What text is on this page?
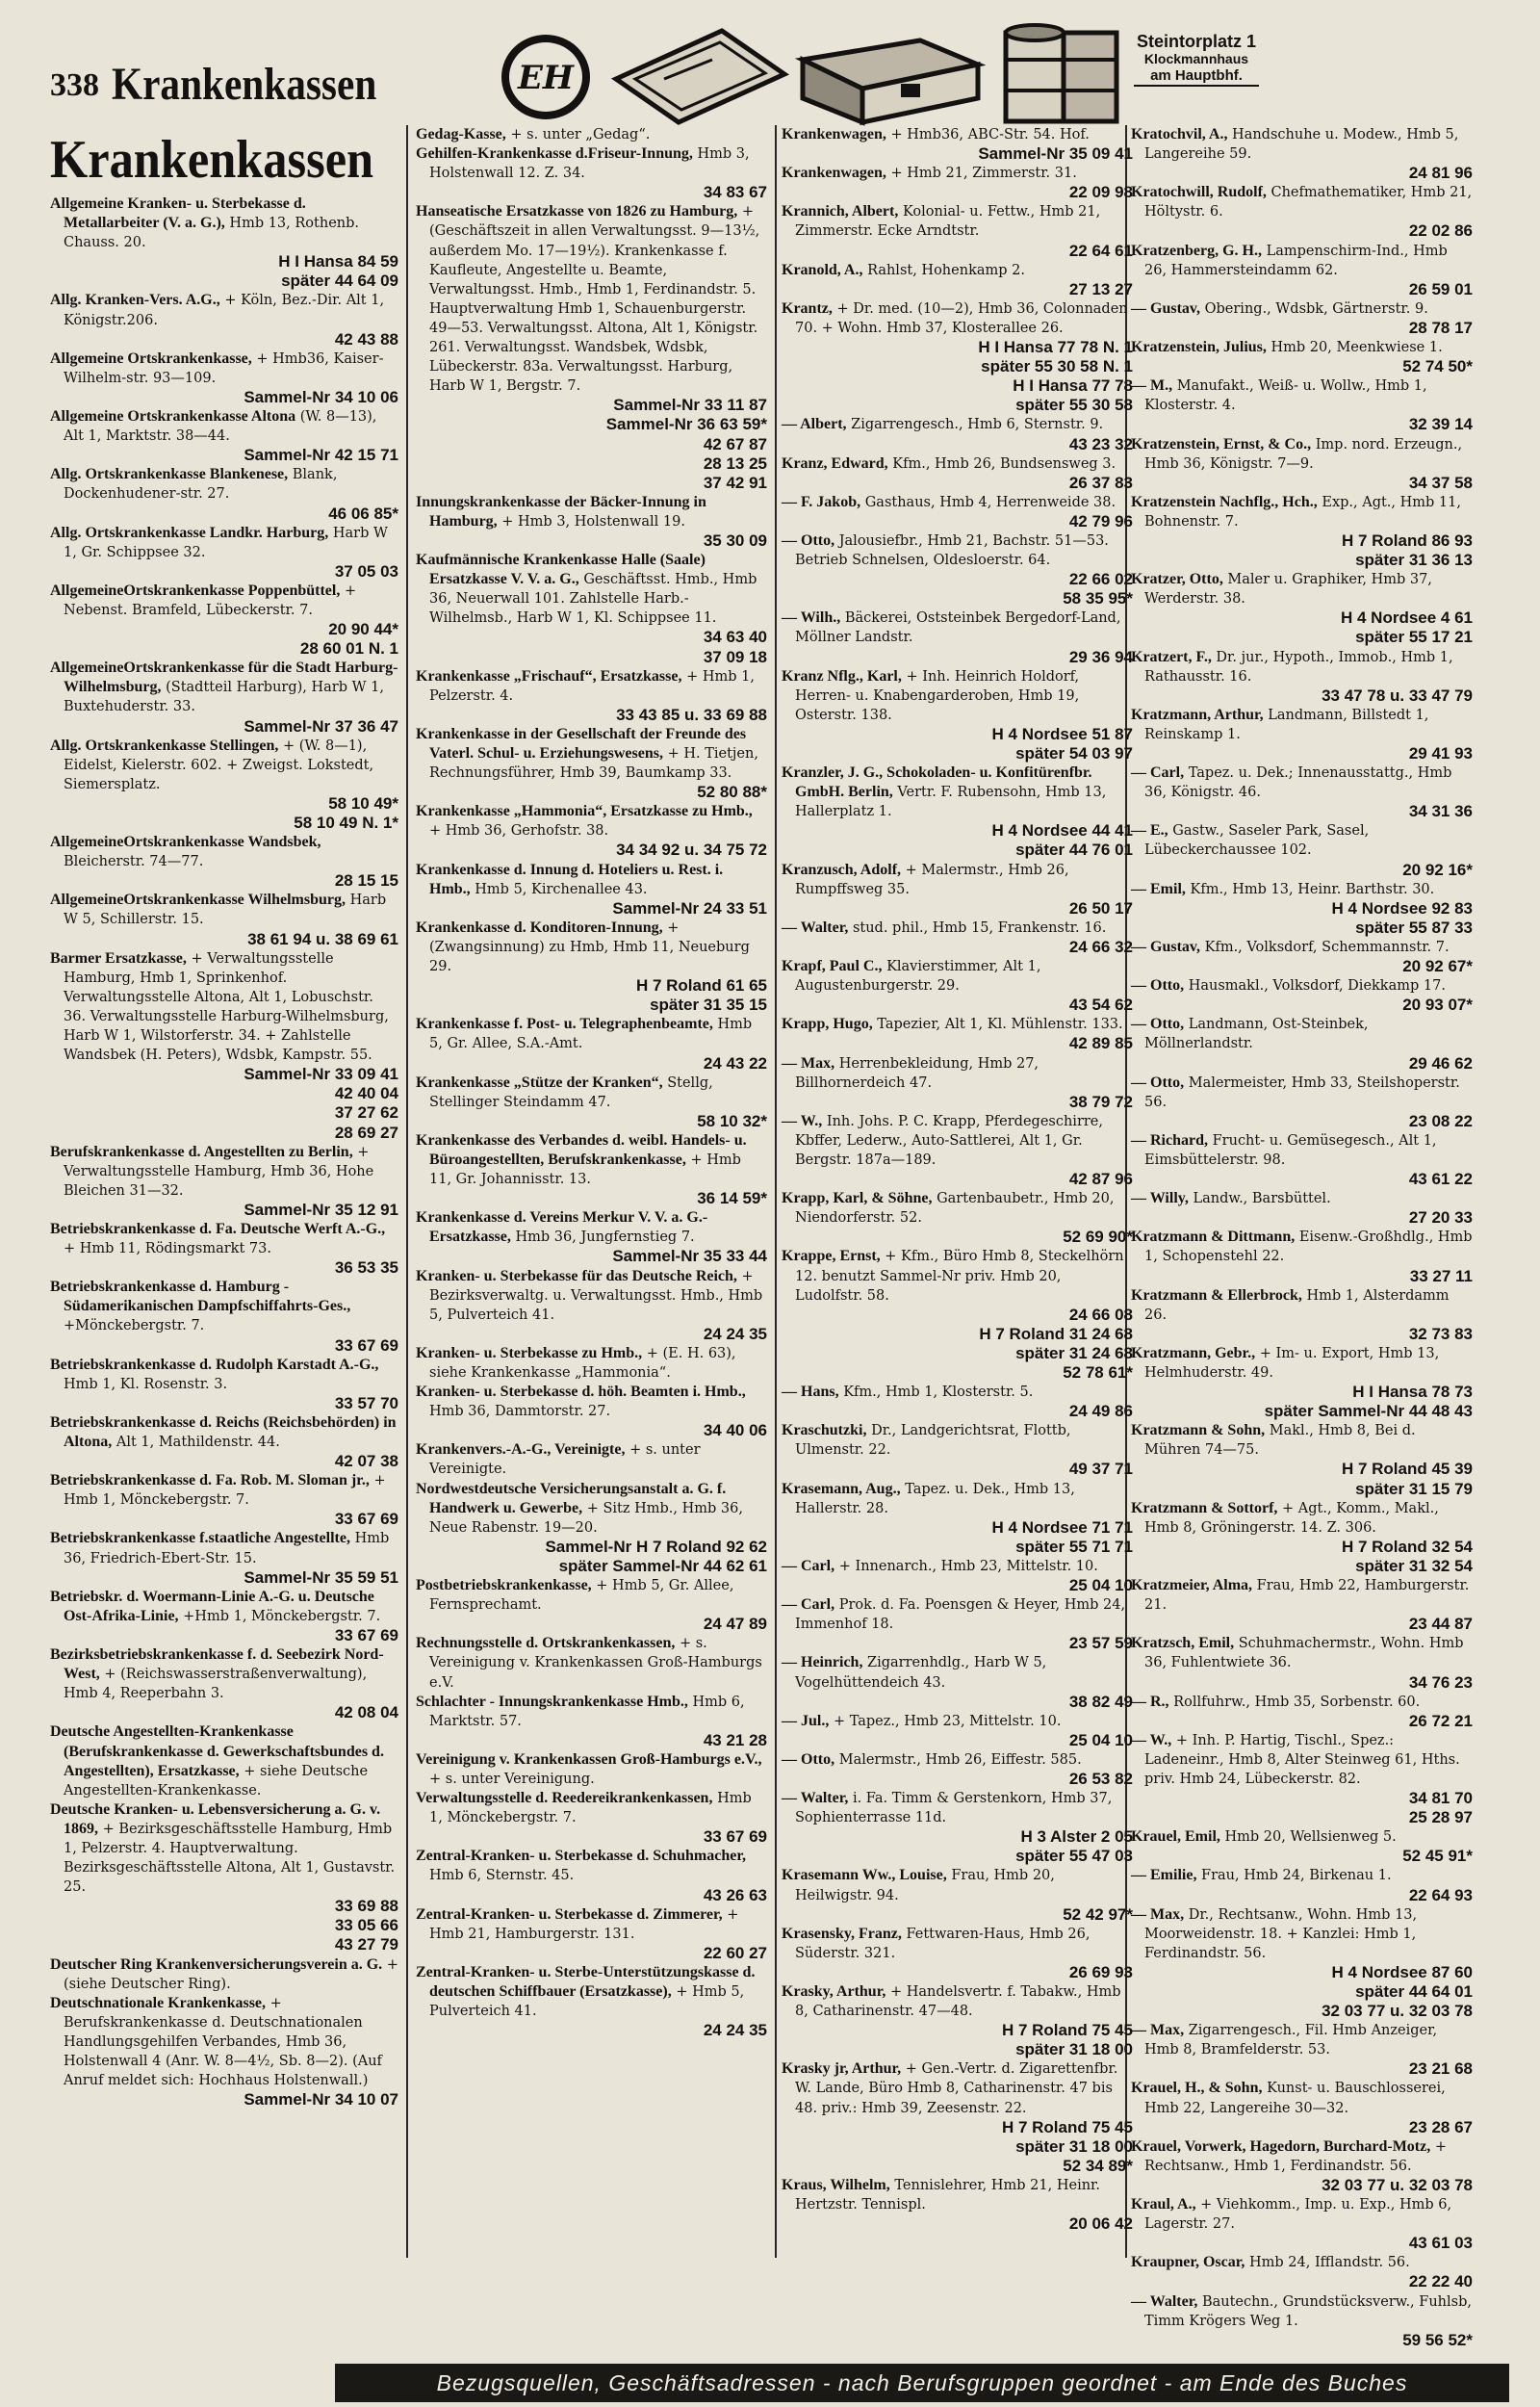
338 Krankenkassen	EH
Steintorplatz 1
Klockmannhaus
am Hauptbhf.
Krankenkassen

Allgemeine Kranken- u. Sterbekasse d. Metallarbeiter (V. a. G.), Hmb 13, Rothenb. Chauss. 20.
H I Hansa 84 59
später 44 64 09

Allg. Kranken-Vers. A.G., + Köln, Bez.-Dir. Alt 1, Königstr.206.
42 43 88

Allgemeine Ortskrankenkasse, + Hmb36, Kaiser-Wilhelm-str. 93—109.
Sammel-Nr 34 10 06

Allgemeine Ortskrankenkasse Altona (W. 8—13), Alt 1, Marktstr. 38—44.
Sammel-Nr 42 15 71

Allg. Ortskrankenkasse Blankenese, Blank, Dockenhudener-str. 27.
46 06 85*

Allg. Ortskrankenkasse Landkr. Harburg, Harb W 1, Gr. Schippsee 32.
37 05 03

AllgemeineOrtskrankenkasse Poppenbüttel, + Nebenst. Bramfeld, Lübeckerstr. 7.
20 90 44*
28 60 01 N. 1

AllgemeineOrtskrankenkasse für die Stadt Harburg-Wilhelmsburg, (Stadtteil Harburg), Harb W 1, Buxtehuderstr. 33.
Sammel-Nr 37 36 47

Allg. Ortskrankenkasse Stellingen, + (W. 8—1), Eidelst, Kielerstr. 602. + Zweigst. Lokstedt, Siemersplatz.
58 10 49*
58 10 49 N. 1*

AllgemeineOrtskrankenkasse Wandsbek, Bleicherstr. 74—77.
28 15 15

AllgemeineOrtskrankenkasse Wilhelmsburg, Harb W 5, Schillerstr. 15.
38 61 94 u. 38 69 61

Barmer Ersatzkasse, + Verwaltungsstelle Hamburg, Hmb 1, Sprinkenhof. Verwaltungsstelle Altona, Alt 1, Lobuschstr. 36. Verwaltungsstelle Harburg-Wilhelmsburg, Harb W 1, Wilstorferstr. 34. + Zahlstelle Wandsbek (H. Peters), Wdsbk, Kampstr. 55.
Sammel-Nr 33 09 41
42 40 04
37 27 62
28 69 27

Berufskrankenkasse d. Angestellten zu Berlin, + Verwaltungsstelle Hamburg, Hmb 36, Hohe Bleichen 31—32.
Sammel-Nr 35 12 91

Betriebskrankenkasse d. Fa. Deutsche Werft A.-G., + Hmb 11, Rödingsmarkt 73.
36 53 35

Betriebskrankenkasse d. Hamburg - Südamerikanischen Dampfschiffahrts-Ges., +Mönckebergstr. 7.
33 67 69

Betriebskrankenkasse d. Rudolph Karstadt A.-G., Hmb 1, Kl. Rosenstr. 3.
33 57 70

Betriebskrankenkasse d. Reichs (Reichsbehörden) in Altona, Alt 1, Mathildenstr. 44.
42 07 38

Betriebskrankenkasse d. Fa. Rob. M. Sloman jr., + Hmb 1, Mönckebergstr. 7.
33 67 69

Betriebskrankenkasse f.staatliche Angestellte, Hmb 36, Friedrich-Ebert-Str. 15.
Sammel-Nr 35 59 51

Betriebskr. d. Woermann-Linie A.-G. u. Deutsche Ost-Afrika-Linie, +Hmb 1, Mönckebergstr. 7.
33 67 69

Bezirksbetriebskrankenkasse f. d. Seebezirk Nord-West, + (Reichswasserstraßenverwaltung), Hmb 4, Reeperbahn 3.
42 08 04

Deutsche Angestellten-Krankenkasse (Berufskrankenkasse d. Gewerkschaftsbundes d. Angestellten), Ersatzkasse, + siehe Deutsche Angestellten-Krankenkasse.

Deutsche Kranken- u. Lebensversicherung a. G. v. 1869, + Bezirksgeschäftsstelle Hamburg, Hmb 1, Pelzerstr. 4. Hauptverwaltung. Bezirksgeschäftsstelle Altona, Alt 1, Gustavstr. 25.
33 69 88
33 05 66
43 27 79

Deutscher Ring Krankenversicherungsverein a. G. + (siehe Deutscher Ring).

Deutschnationale Krankenkasse, + Berufskrankenkasse d. Deutschnationalen Handlungsgehilfen Verbandes, Hmb 36, Holstenwall 4 (Anr. W. 8—4½, Sb. 8—2). (Auf Anruf meldet sich: Hochhaus Holstenwall.)
Sammel-Nr 34 10 07

Gedag-Kasse, + s. unter „Gedag“.

Gehilfen-Krankenkasse d.Friseur-Innung, Hmb 3, Holstenwall 12. Z. 34.
34 83 67

Hanseatische Ersatzkasse von 1826 zu Hamburg, + (Geschäftszeit in allen Verwaltungsst. 9—13½, außerdem Mo. 17—19½). Krankenkasse f. Kaufleute, Angestellte u. Beamte, Verwaltungsst. Hmb., Hmb 1, Ferdinandstr. 5. Hauptverwaltung Hmb 1, Schauenburgerstr. 49—53. Verwaltungsst. Altona, Alt 1, Königstr. 261. Verwaltungsst. Wandsbek, Wdsbk, Lübeckerstr. 83a. Verwaltungsst. Harburg, Harb W 1, Bergstr. 7.
Sammel-Nr 33 11 87
Sammel-Nr 36 63 59*
42 67 87
28 13 25
37 42 91

Innungskrankenkasse der Bäcker-Innung in Hamburg, + Hmb 3, Holstenwall 19.
35 30 09

Kaufmännische Krankenkasse Halle (Saale) Ersatzkasse V. V. a. G., Geschäftsst. Hmb., Hmb 36, Neuerwall 101. Zahlstelle Harb.-Wilhelmsb., Harb W 1, Kl. Schippsee 11.
34 63 40
37 09 18

Krankenkasse „Frischauf“, Ersatzkasse, + Hmb 1, Pelzerstr. 4.
33 43 85 u. 33 69 88

Krankenkasse in der Gesellschaft der Freunde des Vaterl. Schul- u. Erziehungswesens, + H. Tietjen, Rechnungsführer, Hmb 39, Baumkamp 33.
52 80 88*

Krankenkasse „Hammonia“, Ersatzkasse zu Hmb., + Hmb 36, Gerhofstr. 38.
34 34 92 u. 34 75 72

Krankenkasse d. Innung d. Hoteliers u. Rest. i. Hmb., Hmb 5, Kirchenallee 43.
Sammel-Nr 24 33 51

Krankenkasse d. Konditoren-Innung, + (Zwangsinnung) zu Hmb, Hmb 11, Neueburg 29.
H 7 Roland 61 65
später 31 35 15

Krankenkasse f. Post- u. Telegraphenbeamte, Hmb 5, Gr. Allee, S.A.-Amt.
24 43 22

Krankenkasse „Stütze der Kranken“, Stellg, Stellinger Steindamm 47.
58 10 32*

Krankenkasse des Verbandes d. weibl. Handels- u. Büroangestellten, Berufskrankenkasse, + Hmb 11, Gr. Johannisstr. 13.
36 14 59*

Krankenkasse d. Vereins Merkur V. V. a. G.-Ersatzkasse, Hmb 36, Jungfernstieg 7.
Sammel-Nr 35 33 44

Kranken- u. Sterbekasse für das Deutsche Reich, + Bezirksverwaltg. u. Verwaltungsst. Hmb., Hmb 5, Pulverteich 41.
24 24 35

Kranken- u. Sterbekasse zu Hmb., + (E. H. 63), siehe Krankenkasse „Hammonia“.

Kranken- u. Sterbekasse d. höh. Beamten i. Hmb., Hmb 36, Dammtorstr. 27.
34 40 06

Krankenvers.-A.-G., Vereinigte, + s. unter Vereinigte.

Nordwestdeutsche Versicherungsanstalt a. G. f. Handwerk u. Gewerbe, + Sitz Hmb., Hmb 36, Neue Rabenstr. 19—20.
Sammel-Nr H 7 Roland 92 62
später Sammel-Nr 44 62 61

Postbetriebskrankenkasse, + Hmb 5, Gr. Allee, Fernsprechamt.
24 47 89

Rechnungsstelle d. Ortskrankenkassen, + s. Vereinigung v. Krankenkassen Groß-Hamburgs e.V.

Schlachter - Innungskrankenkasse Hmb., Hmb 6, Marktstr. 57.
43 21 28

Vereinigung v. Krankenkassen Groß-Hamburgs e.V., + s. unter Vereinigung.

Verwaltungsstelle d. Reedereikrankenkassen, Hmb 1, Mönckebergstr. 7.
33 67 69

Zentral-Kranken- u. Sterbekasse d. Schuhmacher, Hmb 6, Sternstr. 45.
43 26 63

Zentral-Kranken- u. Sterbekasse d. Zimmerer, + Hmb 21, Hamburgerstr. 131.
22 60 27

Zentral-Kranken- u. Sterbe-Unterstützungskasse d. deutschen Schiffbauer (Ersatzkasse), + Hmb 5, Pulverteich 41.
24 24 35

Krankenwagen, + Hmb36, ABC-Str. 54. Hof.
Sammel-Nr 35 09 41

Krankenwagen, + Hmb 21, Zimmerstr. 31.
22 09 98

Krannich, Albert, Kolonial- u. Fettw., Hmb 21, Zimmerstr. Ecke Arndtstr.
22 64 61

Kranold, A., Rahlst, Hohenkamp 2.
27 13 27

Krantz, + Dr. med. (10—2), Hmb 36, Colonnaden 70. + Wohn. Hmb 37, Klosterallee 26.
H I Hansa 77 78 N. 1
später 55 30 58 N. 1
H I Hansa 77 78
später 55 30 58

— Albert, Zigarrengesch., Hmb 6, Sternstr. 9.
43 23 32

Kranz, Edward, Kfm., Hmb 26, Bundsensweg 3.
26 37 83

— F. Jakob, Gasthaus, Hmb 4, Herrenweide 38.
42 79 96

— Otto, Jalousiefbr., Hmb 21, Bachstr. 51—53. Betrieb Schnelsen, Oldesloerstr. 64.
22 66 02
58 35 95*

— Wilh., Bäckerei, Oststeinbek Bergedorf-Land, Möllner Landstr.
29 36 94

Kranz Nflg., Karl, + Inh. Heinrich Holdorf, Herren- u. Knabengarderoben, Hmb 19, Osterstr. 138.
H 4 Nordsee 51 87
später 54 03 97

Kranzler, J. G., Schokoladen- u. Konfitürenfbr. GmbH. Berlin, Vertr. F. Rubensohn, Hmb 13, Hallerplatz 1.
H 4 Nordsee 44 41
später 44 76 01

Kranzusch, Adolf, + Malermstr., Hmb 26, Rumpffsweg 35.
26 50 17

— Walter, stud. phil., Hmb 15, Frankenstr. 16.
24 66 32

Krapf, Paul C., Klavierstimmer, Alt 1, Augustenburgerstr. 29.
43 54 62

Krapp, Hugo, Tapezier, Alt 1, Kl. Mühlenstr. 133.
42 89 85

— Max, Herrenbekleidung, Hmb 27, Billhornerdeich 47.
38 79 72

— W., Inh. Johs. P. C. Krapp, Pferdegeschirre, Kbffer, Lederw., Auto-Sattlerei, Alt 1, Gr. Bergstr. 187a—189.
42 87 96

Krapp, Karl, & Söhne, Gartenbaubetr., Hmb 20, Niendorferstr. 52.
52 69 90*

Krappe, Ernst, + Kfm., Büro Hmb 8, Steckelhörn 12. benutzt Sammel-Nr priv. Hmb 20, Ludolfstr. 58.
24 66 08
H 7 Roland 31 24 68
später 31 24 68
52 78 61*

— Hans, Kfm., Hmb 1, Klosterstr. 5.
24 49 86

Kraschutzki, Dr., Landgerichtsrat, Flottb, Ulmenstr. 22.
49 37 71

Krasemann, Aug., Tapez. u. Dek., Hmb 13, Hallerstr. 28.
H 4 Nordsee 71 71
später 55 71 71

— Carl, + Innenarch., Hmb 23, Mittelstr. 10.
25 04 10

— Carl, Prok. d. Fa. Poensgen & Heyer, Hmb 24, Immenhof 18.
23 57 59

— Heinrich, Zigarrenhdlg., Harb W 5, Vogelhüttendeich 43.
38 82 49

— Jul., + Tapez., Hmb 23, Mittelstr. 10.
25 04 10

— Otto, Malermstr., Hmb 26, Eiffestr. 585.
26 53 82

— Walter, i. Fa. Timm & Gerstenkorn, Hmb 37, Sophienterrasse 11d.
H 3 Alster 2 05
später 55 47 03

Krasemann Ww., Louise, Frau, Hmb 20, Heilwigstr. 94.
52 42 97*

Krasensky, Franz, Fettwaren-Haus, Hmb 26, Süderstr. 321.
26 69 93

Krasky, Arthur, + Handelsvertr. f. Tabakw., Hmb 8, Catharinenstr. 47—48.
H 7 Roland 75 45
später 31 18 00

Krasky jr, Arthur, + Gen.-Vertr. d. Zigarettenfbr. W. Lande, Büro Hmb 8, Catharinenstr. 47 bis 48. priv.: Hmb 39, Zeesenstr. 22.
H 7 Roland 75 45
später 31 18 00
52 34 89*

Kraus, Wilhelm, Tennislehrer, Hmb 21, Heinr. Hertzstr. Tennispl.
20 06 42

Kratochvil, A., Handschuhe u. Modew., Hmb 5, Langereihe 59.
24 81 96

Kratochwill, Rudolf, Chefmathematiker, Hmb 21, Höltystr. 6.
22 02 86

Kratzenberg, G. H., Lampenschirm-Ind., Hmb 26, Hammersteindamm 62.
26 59 01

— Gustav, Obering., Wdsbk, Gärtnerstr. 9.
28 78 17

Kratzenstein, Julius, Hmb 20, Meenkwiese 1.
52 74 50*

— M., Manufakt., Weiß- u. Wollw., Hmb 1, Klosterstr. 4.
32 39 14

Kratzenstein, Ernst, & Co., Imp. nord. Erzeugn., Hmb 36, Königstr. 7—9.
34 37 58

Kratzenstein Nachflg., Hch., Exp., Agt., Hmb 11, Bohnenstr. 7.
H 7 Roland 86 93
später 31 36 13

Kratzer, Otto, Maler u. Graphiker, Hmb 37, Werderstr. 38.
H 4 Nordsee 4 61
später 55 17 21

Kratzert, F., Dr. jur., Hypoth., Immob., Hmb 1, Rathausstr. 16.
33 47 78 u. 33 47 79

Kratzmann, Arthur, Landmann, Billstedt 1, Reinskamp 1.
29 41 93

— Carl, Tapez. u. Dek.; Innenausstattg., Hmb 36, Königstr. 46.
34 31 36

— E., Gastw., Saseler Park, Sasel, Lübeckerchaussee 102.
20 92 16*

— Emil, Kfm., Hmb 13, Heinr. Barthstr. 30.
H 4 Nordsee 92 83
später 55 87 33

— Gustav, Kfm., Volksdorf, Schemmannstr. 7.
20 92 67*

— Otto, Hausmakl., Volksdorf, Diekkamp 17.
20 93 07*

— Otto, Landmann, Ost-Steinbek, Möllnerlandstr.
29 46 62

— Otto, Malermeister, Hmb 33, Steilshoperstr. 56.
23 08 22

— Richard, Frucht- u. Gemüsegesch., Alt 1, Eimsbüttelerstr. 98.
43 61 22

— Willy, Landw., Barsbüttel.
27 20 33

Kratzmann & Dittmann, Eisenw.-Großhdlg., Hmb 1, Schopenstehl 22.
33 27 11

Kratzmann & Ellerbrock, Hmb 1, Alsterdamm 26.
32 73 83

Kratzmann, Gebr., + Im- u. Export, Hmb 13, Helmhuderstr. 49.
H I Hansa 78 73
später Sammel-Nr 44 48 43

Kratzmann & Sohn, Makl., Hmb 8, Bei d. Mühren 74—75.
H 7 Roland 45 39
später 31 15 79

Kratzmann & Sottorf, + Agt., Komm., Makl., Hmb 8, Gröningerstr. 14. Z. 306.
H 7 Roland 32 54
später 31 32 54

Kratzmeier, Alma, Frau, Hmb 22, Hamburgerstr. 21.
23 44 87

Kratzsch, Emil, Schuhmachermstr., Wohn. Hmb 36, Fuhlentwiete 36.
34 76 23

— R., Rollfuhrw., Hmb 35, Sorbenstr. 60.
26 72 21

— W., + Inh. P. Hartig, Tischl., Spez.: Ladeneinr., Hmb 8, Alter Steinweg 61, Hths. priv. Hmb 24, Lübeckerstr. 82.
34 81 70
25 28 97

Krauel, Emil, Hmb 20, Wellsienweg 5.
52 45 91*

— Emilie, Frau, Hmb 24, Birkenau 1.
22 64 93

— Max, Dr., Rechtsanw., Wohn. Hmb 13, Moorweidenstr. 18. + Kanzlei: Hmb 1, Ferdinandstr. 56.
H 4 Nordsee 87 60
später 44 64 01
32 03 77 u. 32 03 78

— Max, Zigarrengesch., Fil. Hmb Anzeiger, Hmb 8, Bramfelderstr. 53.
23 21 68

Krauel, H., & Sohn, Kunst- u. Bauschlosserei, Hmb 22, Langereihe 30—32.
23 28 67

Krauel, Vorwerk, Hagedorn, Burchard-Motz, + Rechtsanw., Hmb 1, Ferdinandstr. 56.
32 03 77 u. 32 03 78

Kraul, A., + Viehkomm., Imp. u. Exp., Hmb 6, Lagerstr. 27.
43 61 03

Kraupner, Oscar, Hmb 24, Ifflandstr. 56.
22 22 40

— Walter, Bautechn., Grundstücksverw., Fuhlsb, Timm Krögers Weg 1.
59 56 52*

Bezugsquellen, Geschäftsadressen - nach Berufsgruppen geordnet - am Ende des Buches
